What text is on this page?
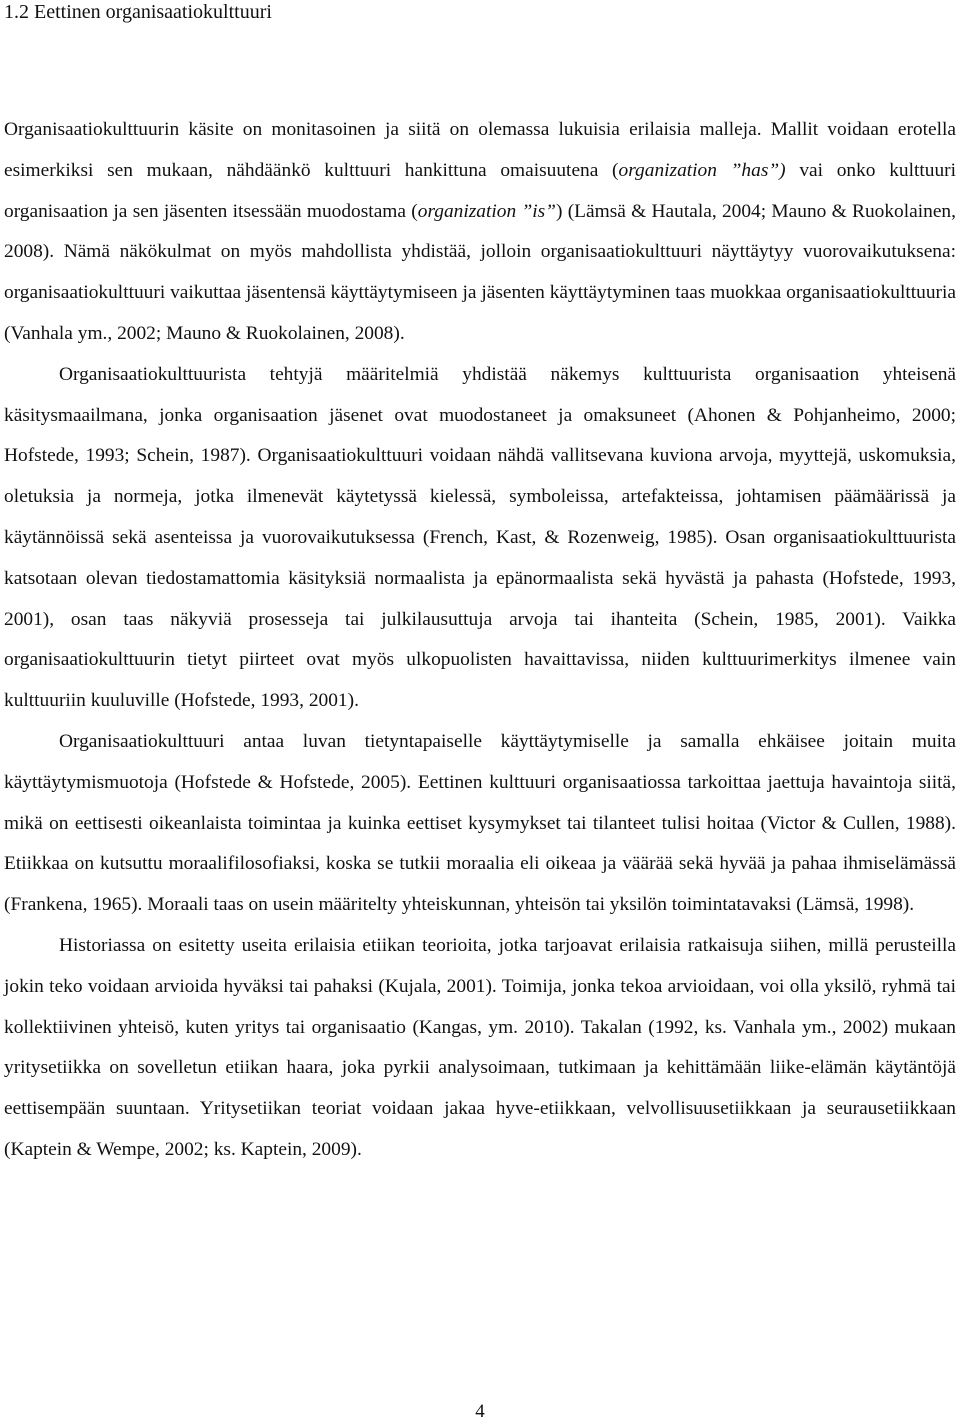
1.2 Eettinen organisaatiokulttuuri

Organisaatiokulttuurin käsite on monitasoinen ja siitä on olemassa lukuisia erilaisia malleja. Mallit voidaan erotella esimerkiksi sen mukaan, nähdäänkö kulttuuri hankittuna omaisuutena (organization ”has”) vai onko kulttuuri organisaation ja sen jäsenten itsessään muodostama (organization ”is”) (Lämsä & Hautala, 2004; Mauno & Ruokolainen, 2008). Nämä näkökulmat on myös mahdollista yhdistää, jolloin organisaatiokulttuuri näyttäytyy vuorovaikutuksena: organisaatiokulttuuri vaikuttaa jäsentensä käyttäytymiseen ja jäsenten käyttäytyminen taas muokkaa organisaatiokulttuuria (Vanhala ym., 2002; Mauno & Ruokolainen, 2008).

Organisaatiokulttuurista tehtyjä määritelmiä yhdistää näkemys kulttuurista organisaation yhteisenä käsitysmaailmana, jonka organisaation jäsenet ovat muodostaneet ja omaksuneet (Ahonen & Pohjanheimo, 2000; Hofstede, 1993; Schein, 1987). Organisaatiokulttuuri voidaan nähdä vallitsevana kuviona arvoja, myyttejä, uskomuksia, oletuksia ja normeja, jotka ilmenevät käytetyssä kielessä, symboleissa, artefakteissa, johtamisen päämäärissä ja käytännöissä sekä asenteissa ja vuorovaikutuksessa (French, Kast, & Rozenweig, 1985). Osan organisaatiokulttuurista katsotaan olevan tiedostamattomia käsityksiä normaalista ja epänormaalista sekä hyvästä ja pahasta (Hofstede, 1993, 2001), osan taas näkyviä prosesseja tai julkilausuttuja arvoja tai ihanteita (Schein, 1985, 2001). Vaikka organisaatiokulttuurin tietyt piirteet ovat myös ulkopuolisten havaittavissa, niiden kulttuurimerkitys ilmenee vain kulttuuriin kuuluville (Hofstede, 1993, 2001).

Organisaatiokulttuuri antaa luvan tietyntapaiselle käyttäytymiselle ja samalla ehkäisee joitain muita käyttäytymismuotoja (Hofstede & Hofstede, 2005). Eettinen kulttuuri organisaatiossa tarkoittaa jaettuja havaintoja siitä, mikä on eettisesti oikeanlaista toimintaa ja kuinka eettiset kysymykset tai tilanteet tulisi hoitaa (Victor & Cullen, 1988). Etiikkaa on kutsuttu moraalifilosofiaksi, koska se tutkii moraalia eli oikeaa ja väärää sekä hyvää ja pahaa ihmiselämässä (Frankena, 1965). Moraali taas on usein määritelty yhteiskunnan, yhteisön tai yksilön toimintatavaksi (Lämsä, 1998).

Historiassa on esitetty useita erilaisia etiikan teorioita, jotka tarjoavat erilaisia ratkaisuja siihen, millä perusteilla jokin teko voidaan arvioida hyväksi tai pahaksi (Kujala, 2001). Toimija, jonka tekoa arvioidaan, voi olla yksilö, ryhmä tai kollektiivinen yhteisö, kuten yritys tai organisaatio (Kangas, ym. 2010). Takalan (1992, ks. Vanhala ym., 2002) mukaan yritysetiikka on sovelletun etiikan haara, joka pyrkii analysoimaan, tutkimaan ja kehittämään liike-elämän käytäntöjä eettisempään suuntaan. Yritysetiikan teoriat voidaan jakaa hyve-etiikkaan, velvollisuusetiikkaan ja seurausetiikkaan (Kaptein & Wempe, 2002; ks. Kaptein, 2009).

4
